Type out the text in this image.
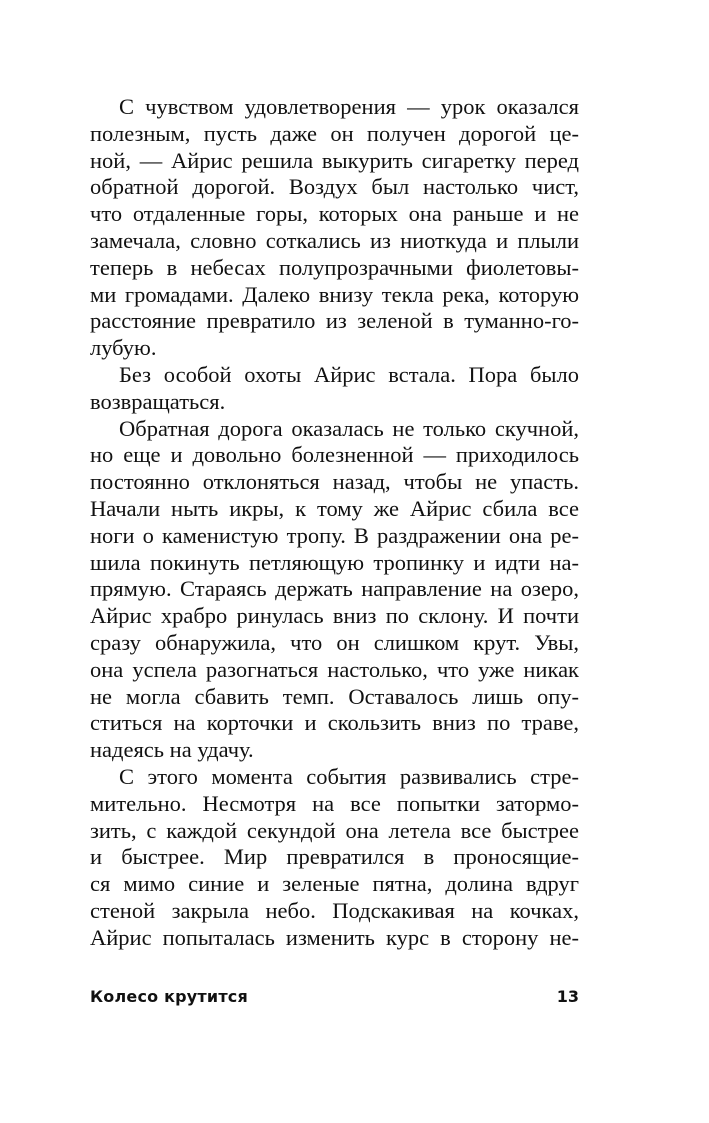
С чувством удовлетворения — урок оказался
полезным, пусть даже он получен дорогой це-
ной, — Айрис решила выкурить сигаретку перед
обратной дорогой. Воздух был настолько чист,
что отдаленные горы, которых она раньше и не
замечала, словно соткались из ниоткуда и плыли
теперь в небесах полупрозрачными фиолетовы-
ми громадами. Далеко внизу текла река, которую
расстояние превратило из зеленой в туманно-го-
лубую.
Без особой охоты Айрис встала. Пора было
возвращаться.
Обратная дорога оказалась не только скучной,
но еще и довольно болезненной — приходилось
постоянно отклоняться назад, чтобы не упасть.
Начали ныть икры, к тому же Айрис сбила все
ноги о каменистую тропу. В раздражении она ре-
шила покинуть петляющую тропинку и идти на-
прямую. Стараясь держать направление на озеро,
Айрис храбро ринулась вниз по склону. И почти
сразу обнаружила, что он слишком крут. Увы,
она успела разогнаться настолько, что уже никак
не могла сбавить темп. Оставалось лишь опу-
ститься на корточки и скользить вниз по траве,
надеясь на удачу.
С этого момента события развивались стре-
мительно. Несмотря на все попытки затормо-
зить, с каждой секундой она летела все быстрее
и быстрее. Мир превратился в проносящие-
ся мимо синие и зеленые пятна, долина вдруг
стеной закрыла небо. Подскакивая на кочках,
Айрис попыталась изменить курс в сторону не-
Колесо крутится	13
